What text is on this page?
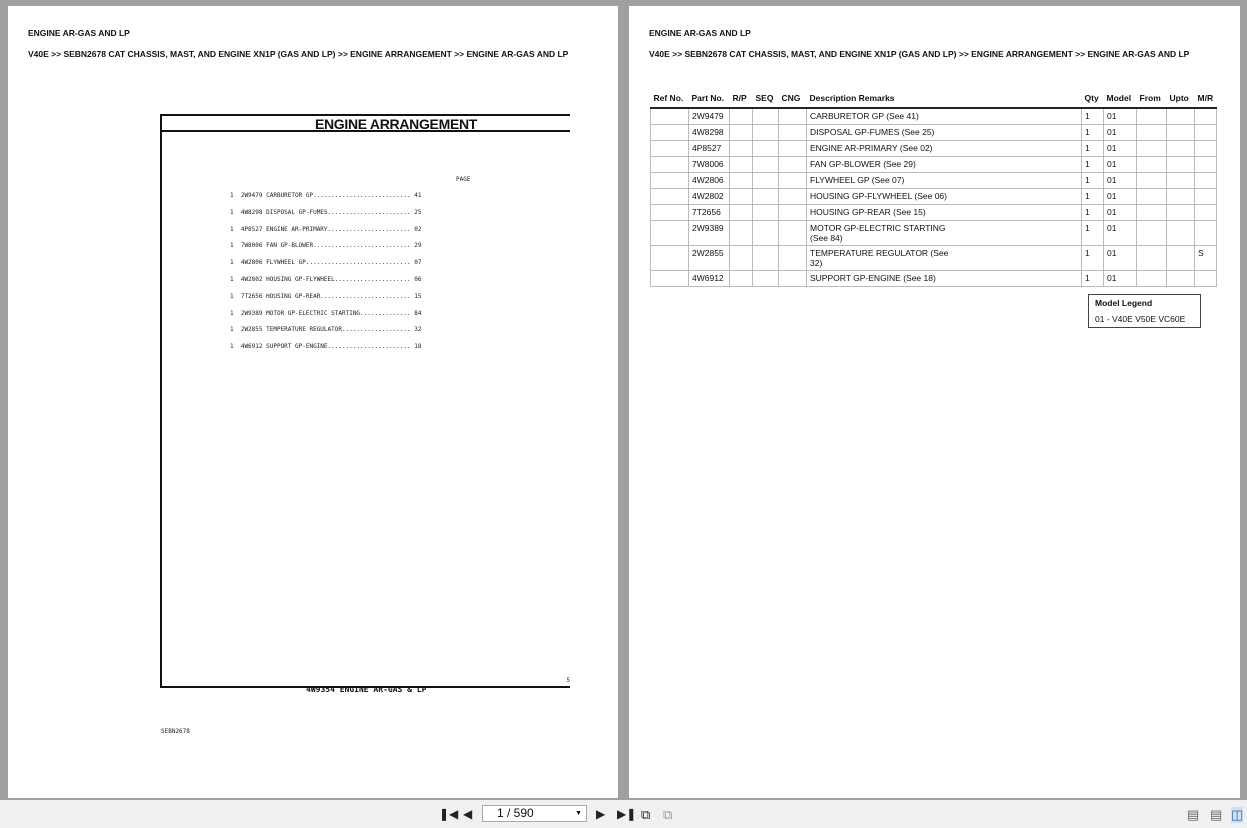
ENGINE AR-GAS AND LP
V40E >> SEBN2678 CAT CHASSIS, MAST, AND ENGINE XN1P (GAS AND LP) >> ENGINE ARRANGEMENT >> ENGINE AR-GAS AND LP
ENGINE ARRANGEMENT
PAGE
1  2W9479 CARBURETOR GP........................... 41
1  4W8298 DISPOSAL GP-FUMES....................... 25
1  4P8527 ENGINE AR-PRIMARY....................... 02
1  7W8006 FAN GP-BLOWER........................... 29
1  4W2806 FLYWHEEL GP............................. 07
1  4W2802 HOUSING GP-FLYWHEEL..................... 06
1  7T2656 HOUSING GP-REAR......................... 15
1  2W9389 MOTOR GP-ELECTRIC STARTING.............. 84
1  2W2855 TEMPERATURE REGULATOR................... 32
1  4W6912 SUPPORT GP-ENGINE....................... 18
5
4W9354 ENGINE AR-GAS & LP
SEBN2678
ENGINE AR-GAS AND LP
V40E >> SEBN2678 CAT CHASSIS, MAST, AND ENGINE XN1P (GAS AND LP) >> ENGINE ARRANGEMENT >> ENGINE AR-GAS AND LP
Ref No.	Part No.	R/P	SEQ	CNG	Description Remarks	Qty	Model	From	Upto	M/R
	2W9479				CARBURETOR GP (See 41)	1	01			
	4W8298				DISPOSAL GP-FUMES (See 25)	1	01			
	4P8527				ENGINE AR-PRIMARY (See 02)	1	01			
	7W8006				FAN GP-BLOWER (See 29)	1	01			
	4W2806				FLYWHEEL GP (See 07)	1	01			
	4W2802				HOUSING GP-FLYWHEEL (See 06)	1	01			
	7T2656				HOUSING GP-REAR (See 15)	1	01			
	2W9389				MOTOR GP-ELECTRIC STARTING (See 84)	1	01			
	2W2855				TEMPERATURE REGULATOR (See 32)	1	01			S
	4W6912				SUPPORT GP-ENGINE (See 18)	1	01			
Model Legend
01 - V40E V50E VC60E
❚◀ ◀	1 / 590	▼ ▶ ▶❚ ⧉ ⧉	▤ ▤ ◫
